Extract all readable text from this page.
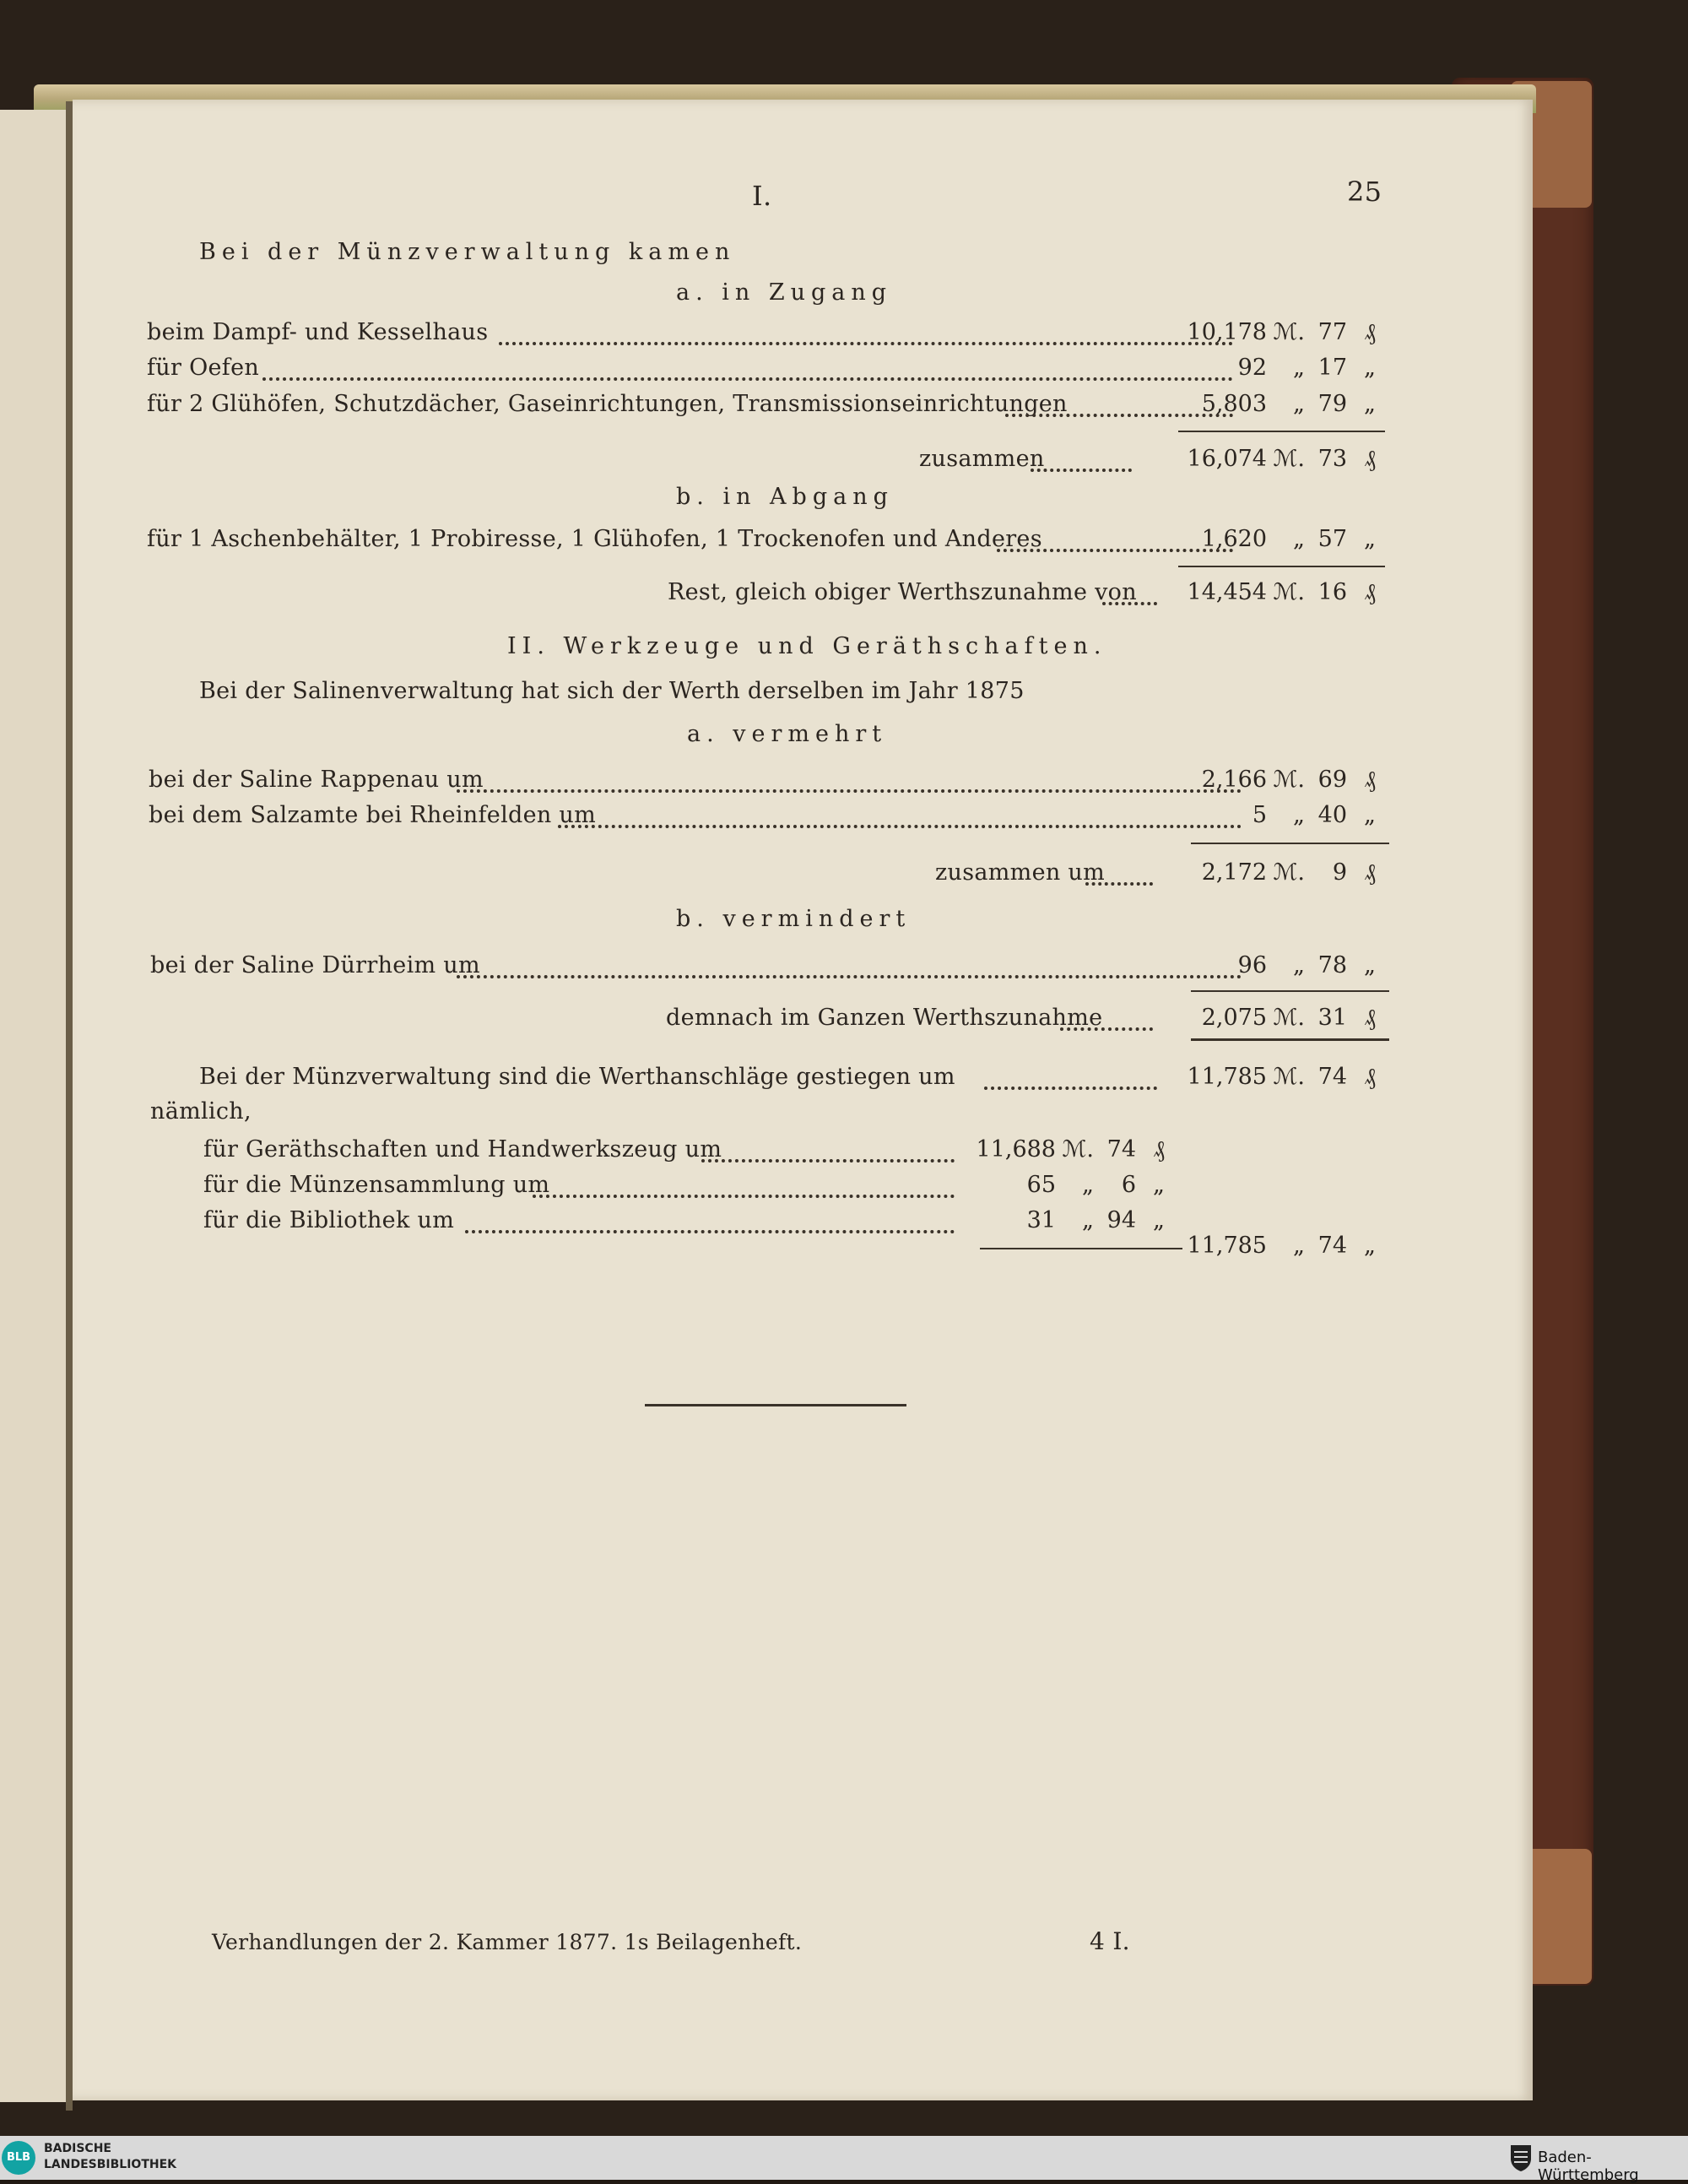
I.	25
Bei der Münzverwaltung kamen
a. in Zugang
beim Dampf- und Kesselhaus	10,178 ℳ. 77 ₰
für Oefen	92	„ 17 „
für 2 Glühöfen, Schutzdächer, Gaseinrichtungen, Transmissionseinrichtungen	5,803	„ 79 „
zusammen	16,074 ℳ. 73 ₰
b. in Abgang
für 1 Aschenbehälter, 1 Probiresse, 1 Glühofen, 1 Trockenofen und Anderes	1,620	„ 57 „
Rest, gleich obiger Werthszunahme von	14,454 ℳ. 16 ₰
II. Werkzeuge und Geräthschaften.
Bei der Salinenverwaltung hat sich der Werth derselben im Jahr 1875
a. vermehrt
bei der Saline Rappenau um	2,166 ℳ. 69 ₰
bei dem Salzamte bei Rheinfelden um	5	„ 40 „
zusammen um	2,172 ℳ.	9 ₰
b. vermindert
bei der Saline Dürrheim um	96	„ 78 „
demnach im Ganzen Werthszunahme	2,075 ℳ. 31 ₰
Bei der Münzverwaltung sind die Werthanschläge gestiegen um	11,785 ℳ. 74 ₰
nämlich,
für Geräthschaften und Handwerkszeug um	11,688 ℳ. 74 ₰
für die Münzensammlung um	65	„	6 „
für die Bibliothek um	31	„ 94 „
11,785	„ 74 „
Verhandlungen der 2. Kammer 1877. 1s Beilagenheft.	4 I.
BLB
BADISCHE
LANDESBIBLIOTHEK	Baden-Württemberg
